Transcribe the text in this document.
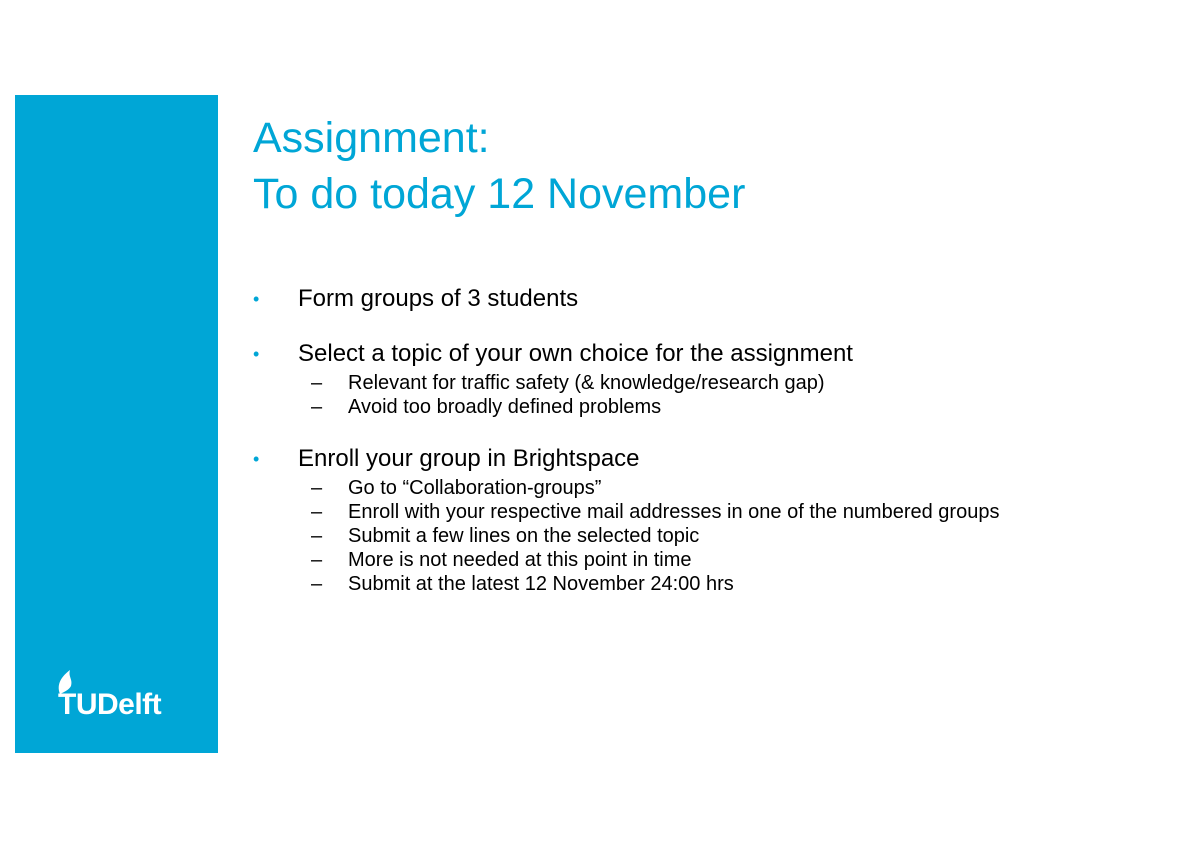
TUDelft
Assignment:
To do today 12 November
• Form groups of 3 students
• Select a topic of your own choice for the assignment
– Relevant for traffic safety (& knowledge/research gap)
– Avoid too broadly defined problems
• Enroll your group in Brightspace
– Go to “Collaboration-groups”
– Enroll with your respective mail addresses in one of the numbered groups
– Submit a few lines on the selected topic
– More is not needed at this point in time
– Submit at the latest 12 November 24:00 hrs
